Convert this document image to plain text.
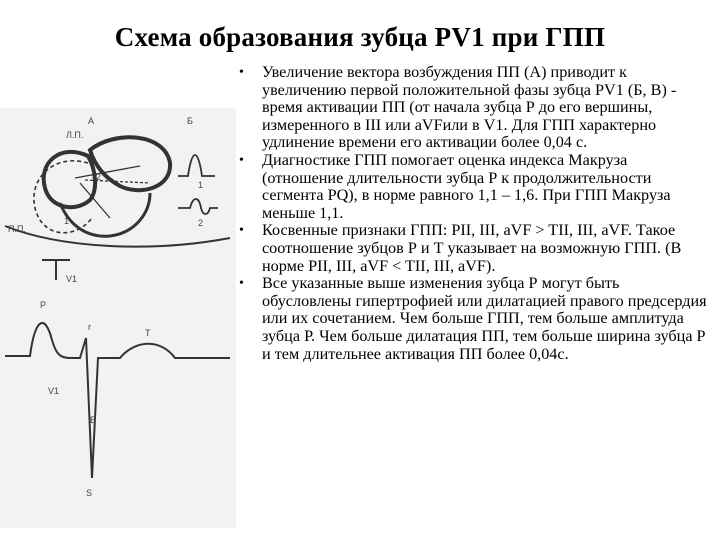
Схема образования зубца PV1 при ГПП
А	Б
Л.П.
П.П.
V1
1
2
1
2
P
r
T
В
V1
S
• Увеличение вектора возбуждения ПП (А) приводит к увеличению первой положительной фазы зубца PV1 (Б, В) - время активации ПП (от начала зубца Р до его вершины, измеренного в III или aVFили в V1. Для ГПП характерно удлинение времени его активации более 0,04 с.
• Диагностике ГПП помогает оценка индекса Макруза (отношение длительности зубца Р к продолжительности сегмента PQ), в норме равного 1,1 – 1,6. При ГПП Макруза меньше 1,1.
• Косвенные признаки ГПП: PII, III, aVF > TII, III, aVF. Такое соотношение зубцов Р и Т указывает на возможную ГПП. (В норме PII, III, aVF < TII, III, aVF).
• Все указанные выше изменения зубца Р могут быть обусловлены гипертрофией или дилатацией правого предсердия или их сочетанием. Чем больше ГПП, тем больше амплитуда зубца Р. Чем больше дилатация ПП, тем больше ширина зубца Р и тем длительнее активация ПП более 0,04с.
